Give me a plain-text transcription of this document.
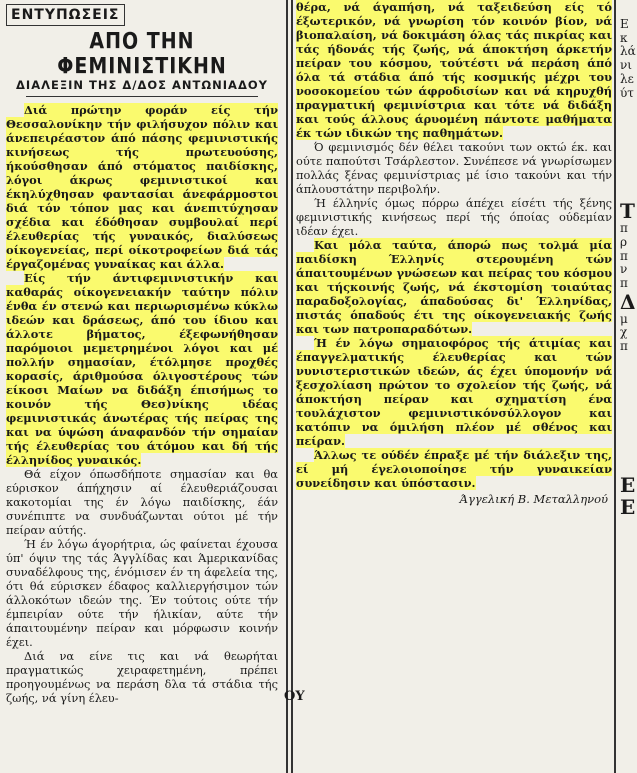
ΕΝΤΥΠΩΣΕΙΣ
ΑΠΟ ΤΗΝ ΦΕΜΙΝΙΣΤΙΚΗΝ
ΔΙΑΛΕΞΙΝ ΤΗΣ Δ/ΔΟΣ ΑΝΤΩΝΙΑΔΟΥ

Διά πρώτην φοράν είς τήν Θεσσαλονίκην τήν φιλήσυχον πόλιν και άνεπειρέαστον άπό πάσης φεμινιστικής κινήσεως τής πρωτευούσης, ήκούσθησαν άπό στόματος παιδίσκης, λόγοι άκρως φεμινιστικοί και έκηλύχθησαν φαντασίαι άνεφάρμοστοι διά τόν τόπον μας και άνεπιτύχησαν σχέδια και έδόθησαν συμβουλαί περί έλευθερίας τής γυναικός, διαλύσεως οίκογενείας, περί οίκοτροφείων διά τάς έργαζομένας γυναίκας και άλλα.

Είς τήν άντιφεμινιστικήν και καθαράς οίκογενειακήν ταύτην πόλιν ένθα έν στενώ και περιωρισμένω κύκλω ιδεών και δράσεως, άπό του ίδιου και άλλοτε βήματος, έξεφωνήθησαν παρόμοιοι μεμετρημένοι λόγοι και μέ πολλήν σημασίαν, έτόλμησε προχθές κορασίς, άριθμούσα όλιγοστέρους τών είκοσι Μαίων να διδάξη έπισήμως το κοινόν τής Θεσ)νίκης ιδέας φεμινιστικάς άνωτέρας τής πείρας της και να ύψώση άναφανδόν τήν σημαίαν τής έλευθερίας του άτόμου και δή τής έλληνίδος γυναικός.

Θά είχον όπωσδήποτε σημασίαν και θα εύρισκον άπήχησιν αί έλευθεριάζουσαι κακοτομίαι της έν λόγω παιδίσκης, έάν συνέπιπτε να συνδυάζωνται ούτοι μέ τήν πείραν αύτής.

Ή έν λόγω άγορήτρια, ώς φαίνεται έχουσα ύπ' όψιν της τάς Άγγλίδας και Άμερικανίδας συναδέλφους της, ένόμισεν έν τη άφελεία της, ότι θά εύρισκεν έδαφος καλλιεργήσιμον τών άλλοκότων ιδεών της. Έν τούτοις ούτε τήν έμπειρίαν ούτε τήν ήλικίαν, αύτε τήν άπαιτουμένην πείραν και μόρφωσιν κοινήν έχει.

Διά να είνε τις και νά θεωρήται πραγματικώς χειραφετημένη, πρέπει προηγουμένως να περάση δλα τά στάδια τής ζωής, νά γίνη έλευ-

θέρα, νά άγαπήση, νά ταξειδεύση είς τό έξωτερικόν, νά γνωρίση τόν κοινόν βίον, νά βιοπαλαίση, νά δοκιμάση όλας τάς πικρίας και τάς ήδονάς τής ζωής, νά άποκτήση άρκετήν πείραν του κόσμου, τούτέστι νά περάση άπό όλα τά στάδια άπό τής κοσμικής μέχρι του νοσοκομείου τών άφροδισίων και νά κηρυχθή πραγματική φεμινίστρια και τότε νά διδάξη και τούς άλλους άρυομένη πάντοτε μαθήματα έκ τών ιδικών της παθημάτων.

Ό φεμινισμός δέν θέλει τακούνι των οκτώ έκ. και ούτε παπούτσι Τσάρλεστον. Συνέπεσε νά γνωρίσωμεν πολλάς ξένας φεμινίστριας μέ ίσιο τακούνι και τήν άπλουστάτην περιβολήν.

Ή έλληνίς όμως πόρρω άπέχει είσέτι τής ξένης φεμινιστικής κινήσεως περί τής όποίας ούδεμίαν ιδέαν έχει.

Και μόλα ταύτα, άπορώ πως τολμά μία παιδίσκη Έλληνίς στερουμένη τών άπαιτουμένων γνώσεων και πείρας του κόσμου και τήςκοινής ζωής, νά έκστομίση τοιαύτας παραδοξολογίας, άπαδούσας δι' Έλληνίδας, πιστάς όπαδούς έτι της οίκογενειακής ζωής και των πατροπαραδότων.

Ή έν λόγω σημαιοφόρος τής άτιμίας και έπαγγελματικής έλευθερίας και τών νυνιστεριστικών ιδεών, άς έχει ύπομονήν νά ξεσχολίαση πρώτον το σχολείον τής ζωής, νά άποκτήση πείραν και σχηματίση ένα τουλάχιστον φεμινιστικόνσύλλογον και κατόπιν να όμιλήση πλέον μέ σθένος και πείραν.

Άλλως τε ούδέν έπραξε μέ τήν διάλεξιν της, εί μή έγελοιοποίησε τήν γυναικείαν συνείδησιν και ύπόστασιν.

Άγγελική Β. Μεταλληνού
Ε
κ
λά
νι
λε
ύτ
Τ
π
ρ
π
ν
π
Δ
μ
χ
π
Ε
Ε
ΟΥ
